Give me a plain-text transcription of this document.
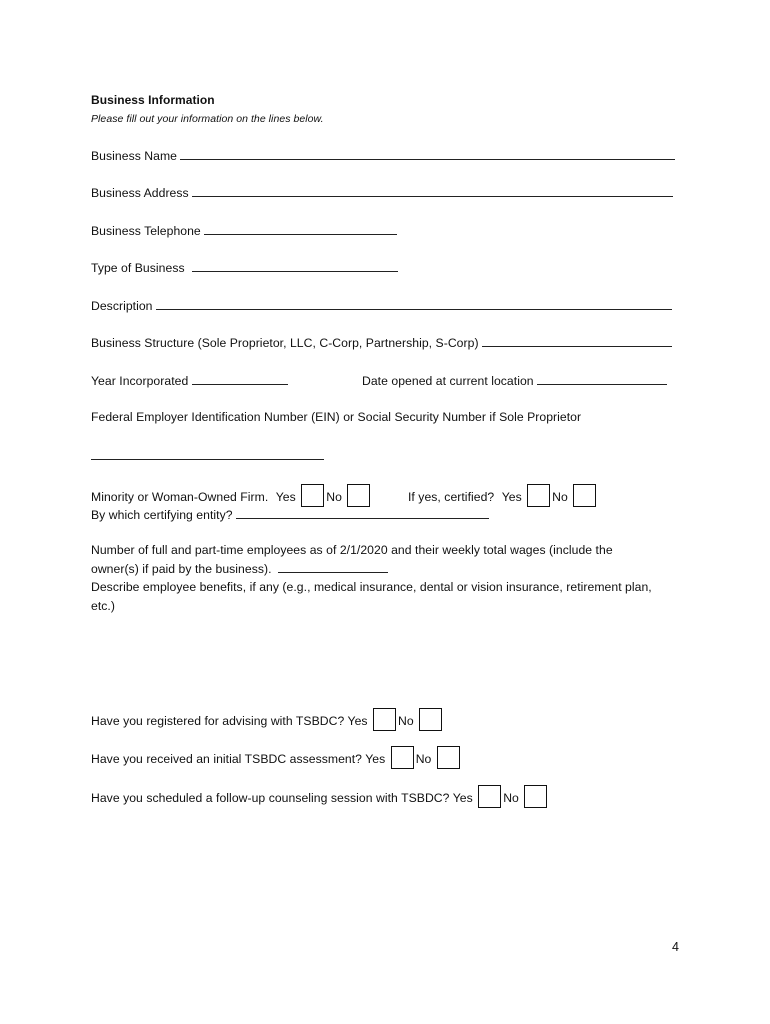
Business Information
Please fill out your information on the lines below.
Business Name
Business Address
Business Telephone
Type of Business
Description
Business Structure (Sole Proprietor, LLC, C-Corp, Partnership, S-Corp)
Year Incorporated	Date opened at current location
Federal Employer Identification Number (EIN) or Social Security Number if Sole Proprietor
Minority or Woman-Owned Firm. Yes No	If yes, certified? Yes No
By which certifying entity?
Number of full and part-time employees as of 2/1/2020 and their weekly total wages (include the
owner(s) if paid by the business).
Describe employee benefits, if any (e.g., medical insurance, dental or vision insurance, retirement plan,
etc.)
Have you registered for advising with TSBDC? Yes No
Have you received an initial TSBDC assessment? Yes No
Have you scheduled a follow-up counseling session with TSBDC? Yes No
4
